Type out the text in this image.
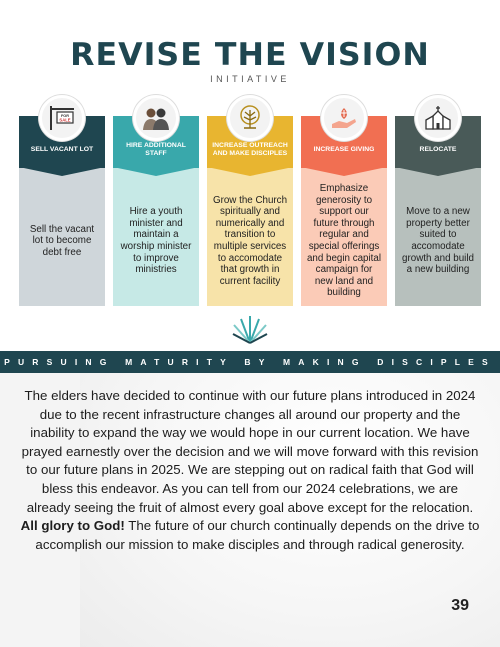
REVISE THE VISION
INITIATIVE
FOR
SALE
SELL VACANT LOT
Sell the vacant lot to become debt free
HIRE ADDITIONAL STAFF
Hire a youth minister and maintain a worship minister to improve ministries
INCREASE OUTREACH AND MAKE DISCIPLES
Grow the Church spiritually and numerically and transition to multiple services to accomodate that growth in current facility
INCREASE GIVING
Emphasize generosity to support our future through regular and special offerings and begin capital campaign for new land and building
RELOCATE
Move to a new property better suited to accomodate growth and build a new building
PURSUING MATURITY BY MAKING DISCIPLES

The elders have decided to continue with our future plans introduced in 2024 due to the recent infrastructure changes all around our property and the inability to expand the way we would hope in our current location. We have prayed earnestly over the decision and we will move forward with this revision to our future plans in 2025. We are stepping out on radical faith that God will bless this endeavor. As you can tell from our 2024 celebrations, we are already seeing the fruit of almost every goal above except for the relocation. All glory to God! The future of our church continually depends on the drive to accomplish our mission to make disciples and through radical generosity.

39
